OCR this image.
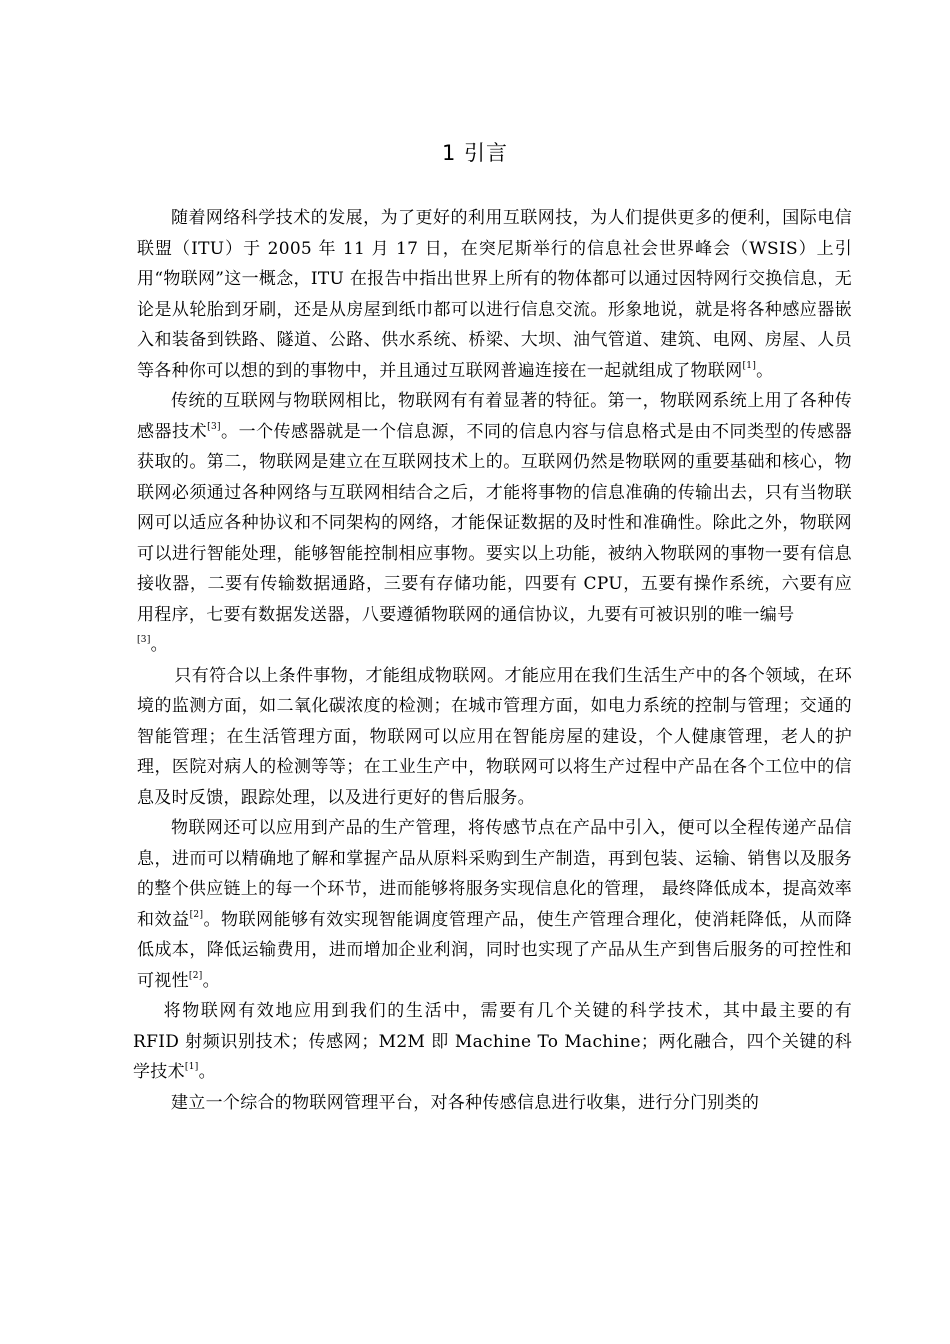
1 引言

随着网络科学技术的发展，为了更好的利用互联网技，为人们提供更多的便利，国际电信联盟（ITU）于 2005 年 11 月 17 日，在突尼斯举行的信息社会世界峰会（WSIS）上引用“物联网”这一概念，ITU 在报告中指出世界上所有的物体都可以通过因特网行交换信息，无论是从轮胎到牙刷，还是从房屋到纸巾都可以进行信息交流。形象地说，就是将各种感应器嵌入和装备到铁路、隧道、公路、供水系统、桥梁、大坝、油气管道、建筑、电网、房屋、人员等各种你可以想的到的事物中，并且通过互联网普遍连接在一起就组成了物联网[1]。

传统的互联网与物联网相比，物联网有有着显著的特征。第一，物联网系统上用了各种传感器技术[3]。一个传感器就是一个信息源，不同的信息内容与信息格式是由不同类型的传感器获取的。第二，物联网是建立在互联网技术上的。互联网仍然是物联网的重要基础和核心，物联网必须通过各种网络与互联网相结合之后，才能将事物的信息准确的传输出去，只有当物联网可以适应各种协议和不同架构的网络，才能保证数据的及时性和准确性。除此之外，物联网可以进行智能处理，能够智能控制相应事物。要实以上功能，被纳入物联网的事物一要有信息接收器，二要有传输数据通路，三要有存储功能，四要有 CPU，五要有操作系统，六要有应用程序，七要有数据发送器，八要遵循物联网的通信协议，九要有可被识别的唯一编号
[3]。

只有符合以上条件事物，才能组成物联网。才能应用在我们生活生产中的各个领域，在环境的监测方面，如二氧化碳浓度的检测；在城市管理方面，如电力系统的控制与管理；交通的智能管理；在生活管理方面，物联网可以应用在智能房屋的建设，个人健康管理，老人的护理，医院对病人的检测等等；在工业生产中，物联网可以将生产过程中产品在各个工位中的信息及时反馈，跟踪处理，以及进行更好的售后服务。

物联网还可以应用到产品的生产管理，将传感节点在产品中引入，便可以全程传递产品信息，进而可以精确地了解和掌握产品从原料采购到生产制造，再到包装、运输、销售以及服务的整个供应链上的每一个环节，进而能够将服务实现信息化的管理， 最终降低成本，提高效率和效益[2]。物联网能够有效实现智能调度管理产品，使生产管理合理化，使消耗降低，从而降低成本，降低运输费用，进而增加企业利润，同时也实现了产品从生产到售后服务的可控性和可视性[2]。

将物联网有效地应用到我们的生活中，需要有几个关键的科学技术，其中最主要的有 RFID 射频识别技术；传感网；M2M 即 Machine To Machine；两化融合，四个关键的科学技术[1]。

建立一个综合的物联网管理平台，对各种传感信息进行收集，进行分门别类的
